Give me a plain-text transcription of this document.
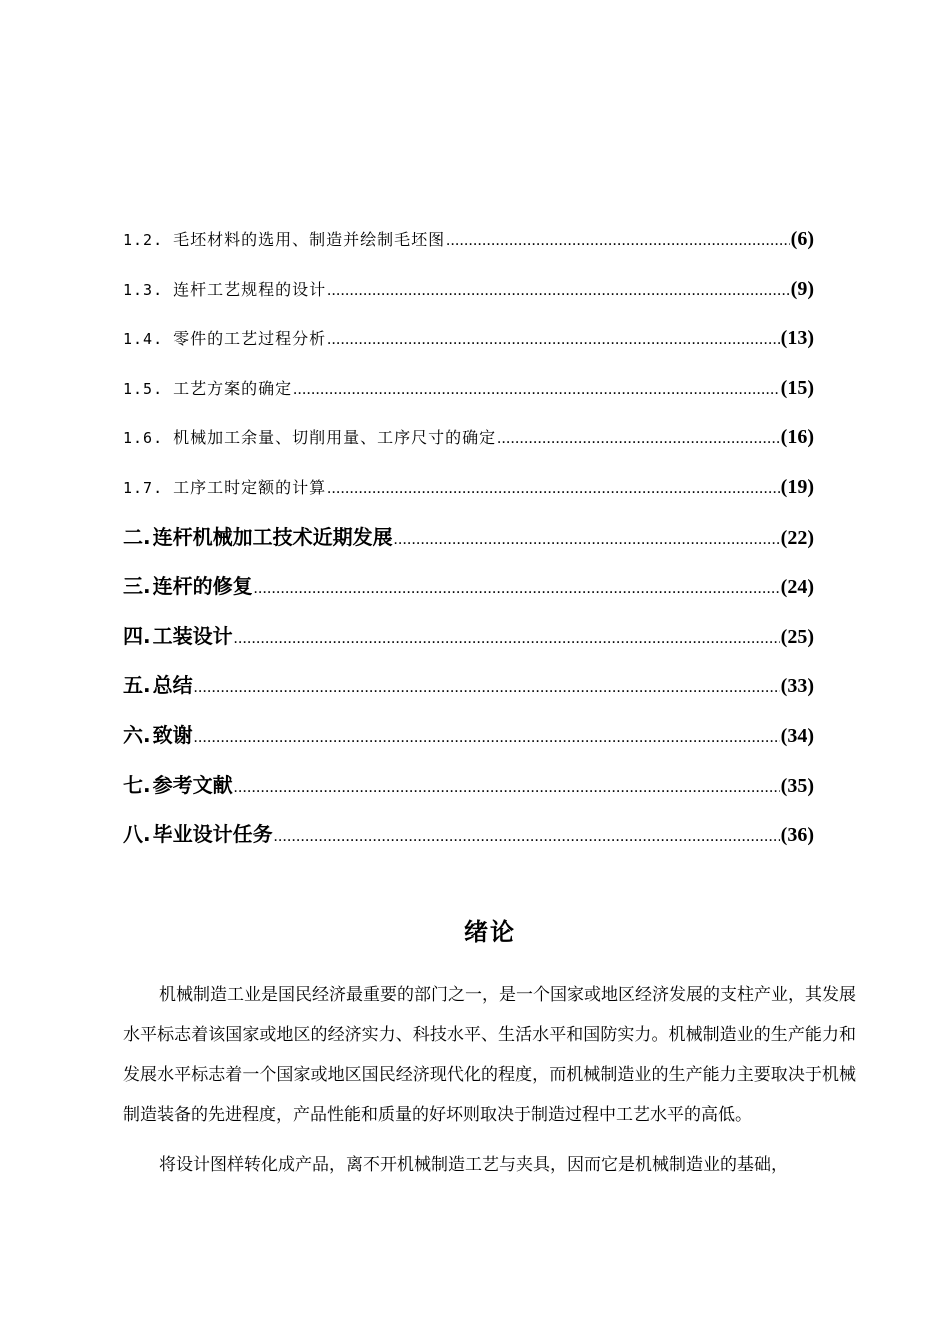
1.2. 毛坯材料的选用、制造并绘制毛坯图 .....	(6)
1.3. 连杆工艺规程的设计 .....	(9)
1.4. 零件的工艺过程分析 .....	(13)
1.5. 工艺方案的确定 .....	(15)
1.6. 机械加工余量、切削用量、工序尺寸的确定 .....	(16)
1.7. 工序工时定额的计算 .....	(19)
二. 连杆机械加工技术近期发展 .....	(22)
三. 连杆的修复 .....	(24)
四. 工装设计 .....	(25)
五. 总结 .....	(33)
六. 致谢 .....	(34)
七. 参考文献 .....	(35)
八. 毕业设计任务 .....	(36)
绪论

机械制造工业是国民经济最重要的部门之一，是一个国家或地区经济发展的支柱产业，其发展水平标志着该国家或地区的经济实力、科技水平、生活水平和国防实力。机械制造业的生产能力和发展水平标志着一个国家或地区国民经济现代化的程度，而机械制造业的生产能力主要取决于机械制造装备的先进程度，产品性能和质量的好坏则取决于制造过程中工艺水平的高低。

将设计图样转化成产品，离不开机械制造工艺与夹具，因而它是机械制造业的基础，
